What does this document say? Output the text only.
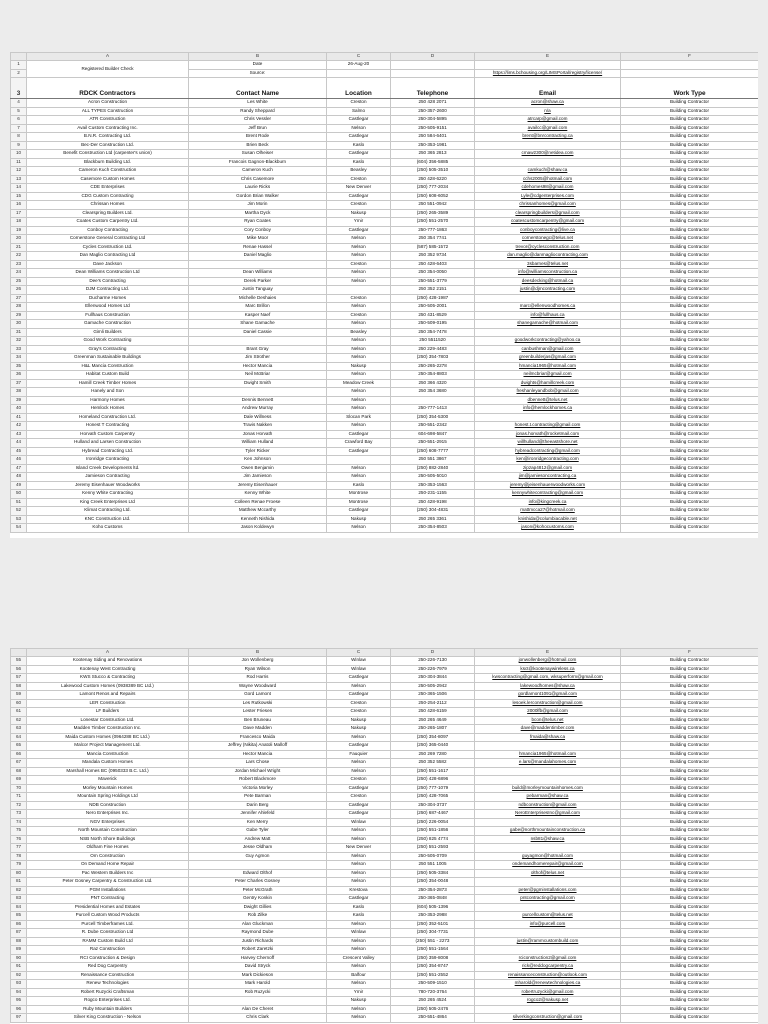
	A	B	C	D	E	F
1	Registered Builder Check	Date	26-Aug-20			
2		Source:			https://lims.bchousing.org/LIMSPortal/registry/license/	
3	RDCK Contractors	Contact Name	Location	Telephone	Email	Work Type
4	Acron Construction	Les White	Creston	250 428 2071	acron@shaw.ca	Building Contractor
5	ALL TYPES Construction	Randy Sheppard	Salmo	250-357-2600	n/a	Building Contractor
6	ATR Construction	Chris Vessler	Castlegar	250-304-5895	atrcarp@gmail.com	Building Contractor
7	Avail Custom Contracting Inc.	Jeff Brun	Nelson	250-505-9151	availcc@gmail.com	Building Contractor
8	B.N.R. Contracting Ltd.	Brent Rode	Castlegar	250 584-6401	brent@bnrcontracting.ca	Building Contractor
9	Bec-Der Construction Ltd.	Brien Beck	Kaslo	250-353-1981		Building Contractor
10	Benefit Construction Ltd (carpenter's union)	Susan Olheiser	Castlegar	250 365 2813	cmaw2300@netidea.com	Building Contractor
11	Blackburn Building Ltd.	Francois Gagnon-Blackburn	Kaslo	(604) 356-5885		Building Contractor
12	Cameron Kuch Construction	Cameron Kuch	Beasley	(250) 505-3510	camkuch@shaw.ca	Building Contractor
13	Casemore Custom Homes	Chris Casemore	Creston	250 428-6220	cchs2005@hotmail.com	Building Contractor
14	CDE Enterprises	Laurie Ricks	New Denver	(250) 777-2034	cdehomes98@gmail.com	Building Contractor
15	CDG Custom Contracting	Gordon Brian Walker	Castlegar	(250) 608-6052	Lyle@cdgenterprises.com	Building Contractor
16	Chrissan Homes	Jim Morin	Creston	250 551-0942	chrissanhomes@gmail.com	Building Contractor
17	Clearspring Builders Ltd.	Martha Dyck	Nakusp	(250) 265-3589	clearspringbuilders@gmail.com	Building Contractor
18	Coates Custom Carpentry Ltd.	Ryan Coates	Ymir	(250) 551-2570	coatescustomcarpentry@gmail.com	Building Contractor
19	Conboy Contracting	Cory Conboy	Castlegar	250-777-1863	conboycontracting@live.ca	Building Contractor
20	Cornerstone General Contracting Ltd	Mike Moor	Nelson	250 354 7741	cornerstonegc@telus.net	Building Contractor
21	Cycles Construction Ltd.	Renae Hassel	Nelson	(587) 585-1572	trevor@cyclesconstruction.com	Building Contractor
22	Dan Maglio Contracting Ltd	Daniel Maglio	Nelson	250 352 9734	dan.maglio@danmagliocontracting.com	Building Contractor
23	Dave Jackson		Creston	250 428-6403	3sbarnes@telus.net	Building Contractor
24	Dean Williams Construction Ltd	Dean Williams	Nelson	250 354-0050	info@williamsconstruction.ca	Building Contractor
25	Dee's Contracting	Derek Parker	Nelson	250-551-3779	deesdecking@hotmail.ca	Building Contractor
26	DJM Contracting Ltd.	Justin Tanguay		250 352 2151	justin@djmcontracting.com	Building Contractor
27	Ducharme Homes	Michelle Deshaies	Creston	(250) 428-1987		Building Contractor
28	Ellenwood Homes Ltd	Marc Brillon	Nelson	250-505-2001	marc@ellenwoodhomes.ca	Building Contractor
29	Fullhaus Construction	Kasper Naef	Creston	250 431-8529	info@fullhaus.ca	Building Contractor
30	Gamache Construction	Shane Gamache	Nelson	250-509-0195	shanegamache@hotmail.com	Building Contractor
31	Gimli Builders	Daniel Cassie	Beasley	250 354-7478		Building Contractor
32	Good Work Contracting		Nelson	250 5511520	goodworkcontracting@yahoo.ca	Building Contractor
33	Gray's Contracting	Brant Gray	Nelson	250 229-4483	canbushman@gmail.com	Building Contractor
34	Greenman Sustainable Buildings	Jim Strother	Nelson	(250) 354-7803	greenbuilderjas@gmail.com	Building Contractor
35	H&L Mancia Construction	Hector Mancia	Nakusp	250-265-2278	hmancia1965@hotmail.com	Building Contractor
36	Habitat Custom Build	Neil McBriar	Nelson	250-354-8803	neilmcbriar@gmail.com	Building Contractor
37	Hamill Creek Timber Homes	Dwight Smith	Meadow Creek	250 366 4320	dwights@hamillcreek.com	Building Contractor
38	Hanely and Son		Nelson	250 354 3680	freshanleyandbob@gmail.com	Building Contractor
39	Harmony Homes	Dennis Bennett	Nelson		dbennett@telus.net	Building Contractor
40	Hemlock Homes	Andrew Murray	Nelson	250-777-1413	info@hemlockhomes.ca	Building Contractor
41	Homeland Construction Ltd.	Dale Willness	Slocan Park	(250) 354-5300		Building Contractor
42	Honest T Contracting	Travis Nakken	Nelson	250-551-2342	honest.t.contracting@gmail.com	Building Contractor
43	Horvath Custom Carpentry	Jonas Horvath	Castlegar	604-698-5847	jonas.horvath@rocketmail.com	Building Contractor
44	Hulland and Larsen Construction	William Hulland	Crawford Bay	250-551-2915	willhulland@theeastshore.net	Building Contractor
45	Hybread Contracting Ltd.	Tyler Ricker	Castlegar	(250) 608-7777	hybreadcontracting@gmail.com	Building Contractor
46	Ironridge Contracting	Ken Johnson		250 551 3867	ken@ironridgecontracting.com	Building Contractor
47	Island Creek Developments ltd.	Owen Benjamin	Nelson	(250) 882-2840	zipzap4812@gmail.com	Building Contractor
48	Jamieson Contracting	Jim Jamieson	Nelson	250-505-5010	jim@jamiesoncontracting.ca	Building Contractor
49	Jeremy Eisenhauer Woodworks	Jeremy Eisenhauer	Kaslo	250-353-1563	jeremy@jeisenhauerwoodworks.com	Building Contractor
50	Kenny White Contracting	Kenny White	Montrose	250-231-1155	kennywhitecontracting@gmail.com	Building Contractor
51	King Creek Enterprises Ltd	Colleen Renae Froese	Montrose	250 428-9198	info@kingcreek.ca	Building Contractor
52	Klimat Contracting Ltd.	Matthew Mccarthy	Castlegar	(250) 304-4831	mattmcca27@hotmail.com	Building Contractor
53	KNC Construction Ltd.	Kenneth Nishida	Nakusp	250 265 3361	knishida@columbiacable.net	Building Contractor
54	Koho Customs	Jason Koldewyn	Nelson	250-354-8503	jason@kohocustoms.com	Building Contractor
	A	B	C	D	E	F
55	Kootenay Siding and Renovations	Jon Wollenberg	Winlaw	250-226-7130	jonwollenberg@hotmail.com	Building Contractor
56	Kootenay West Contracting	Ryan Wilson	Winlaw	250-226-7979	ksct@kootenaywireless.ca	Building Contractor
57	KWS Stucco & Contracting	Rod Harris	Castlegar	250-304-3844	kwscontracting@gmail.com, wksuperform@gmail.com	Building Contractor
58	Lakewood Custom Homes (0938389 BC Ltd.)	Wayne Woodward	Nelson	250-505-2942	lakewoodhomes@shaw.ca	Building Contractor
59	Lamont Renos and Repairs	Gord Lamont	Castlegar	250-365-1506	gordlamont1091@gmail.com	Building Contractor
60	LER Construction	Les Rutkowski	Creston	250-254-2112	lesoek.lerconstruction@gmail.com	Building Contractor
61	LF Builders	Lester Friesen	Creston	250 428-6159	2000lfb@gmail.com	Building Contractor
62	Lonestar Construction Ltd.	Ben Bruneau	Nakusp	250 265 4649	bcon@telus.net	Building Contractor
63	Madden Timber Construction Inc.	Dave Madden	Nakusp	250-265-1807	dave@maddentimber.com	Building Contractor
64	Maida Custom Homes (0964288 BC Ltd.)	Francesco Maida	Nelson	(250) 354-8097	fmaida@shaw.ca	Building Contractor
65	Malcor Project Management Ltd.	Jeffrey (Nikita) Anatoli Malloff	Castlegar	(250) 365-0440		Building Contractor
66	Mancia Construction	Hector Mancia	Fauquier	250 269 7280	hmancia1965@hotmail.com	Building Contractor
67	Mandala Custom Homes	Lars Chose	Nelson	250 352 5582	e.lars@mandalahomes.com	Building Contractor
68	Marshall Homes BC (0950333 B.C. Ltd.)	Jordan Michael Wright	Nelson	(250) 551-1617		Building Contractor
69	Maverick	Robert Blackmore	Creston	(250) 428-6896		Building Contractor
70	Morley Mountain Homes	Victoria Morley	Castlegar	(250) 777-1079	build@morleymountainhomes.com	Building Contractor
71	Mountain Spring Holdings Ltd	Pete Barman	Creston	(250) 428-7065	pebarman@shaw.ca	Building Contractor
72	NDB Construction	Darin Berg	Castlegar	250-304-3737	ndbconstruction@gmail.com	Building Contractor
73	Nero Enterprises Inc.	Jennifer Ahlefeld	Castlegar	(250) 687-4467	NeroEnterprisesInc@gmail.com	Building Contractor
74	NGV Enterprises	Ken Merry	Winlaw	(250) 226-0054		Building Contractor
75	North Mountain Construction	Gabe Tyler	Nelson	(250) 551-1856	gabe@northmountainconstruction.ca	Building Contractor
76	NSB North Shore Buildings	Andrew Matt	Nelson	(250) 825 4774	nsb81@shaw.ca	Building Contractor
77	Oldham Fine Homes	Jesse Oldham	New Denver	(250) 551-2593		Building Contractor
78	Om Construction	Guy Agmon	Nelson	250-505-0709	guyagmon@hotmail.com	Building Contractor
79	On Demand Home Repair		Nelson	250 551 1005	ondemandhomerepair@gmail.com	Building Contractor
80	Pac Western Builders Inc	Edward Olthof	Nelson	(250) 505-3384	olthof@telus.net	Building Contractor
81	Peter Gosney Carpentry & Construction Ltd.	Peter Charles Gosney	Nelson	(250) 354-0048		Building Contractor
82	PGM Installations	Peter McGrath	Krestova	250-354-2873	peter@pgminstallations.com	Building Contractor
83	PNT Contracting	Gentry Konkin	Castlegar	250-365-0848	pntcontracting@gmail.com	Building Contractor
84	Presidential Homes and Estates	Dwight Gillies	Kaslo	(604) 505-1396		Building Contractor
85	Purcell Custom Wood Products	Rob Zilke	Kaslo	250-353-2988	purcellcustom@telus.net	Building Contractor
86	Purcell Timberframes Ltd.	Alan Gluckman	Nelson	(250) 352-5101	info@purcell.com	Building Contractor
87	R. Dube Construction Ltd	Raymond Dube	Winlaw	(250) 304-7731		Building Contractor
88	RAMM Custom Build Ltd	Justin Richards	Nelson	(250) 551 - 2273	justin@rammcustombuild.com	Building Contractor
89	Raz Construction	Robert Zaretzki	Nelson	(250) 551-1564		Building Contractor
90	RCI Construction & Design	Harvey Chernoff	Crescent Valley	(250) 359-8008	rciconstruction2@gmail.com	Building Contractor
91	Red Dog Carpentry	David Stryck	Nelson	(250) 354-8747	rick@reddogcarpentry.ca	Building Contractor
92	Renaissance Construction	Mark Dickieson	Balfour	(250) 551-2552	renaissanceconstruction@outlook.com	Building Contractor
93	Renew Technologies	Mark Harold	Nelson	250-509-1510	mharold@renewtechnologies.ca	Building Contractor
94	Robert Ruzycki Craftsman	Rob Ruzycki	Ymir	780-720-3764	robertruzycki@gmail.com	Building Contractor
95	Rogco Enterprises Ltd.		Nakusp	250 265 4524	rogco2@nakusp.net	Building Contractor
96	Ruby Mountain Builders	Alan De Cheret	Nelson	(250) 505-2476		Building Contractor
97	Silver King Construction - Nelson	Chris Clark	Nelson	250-551-4864	silverkingconstruction@gmail.com	Building Contractor
